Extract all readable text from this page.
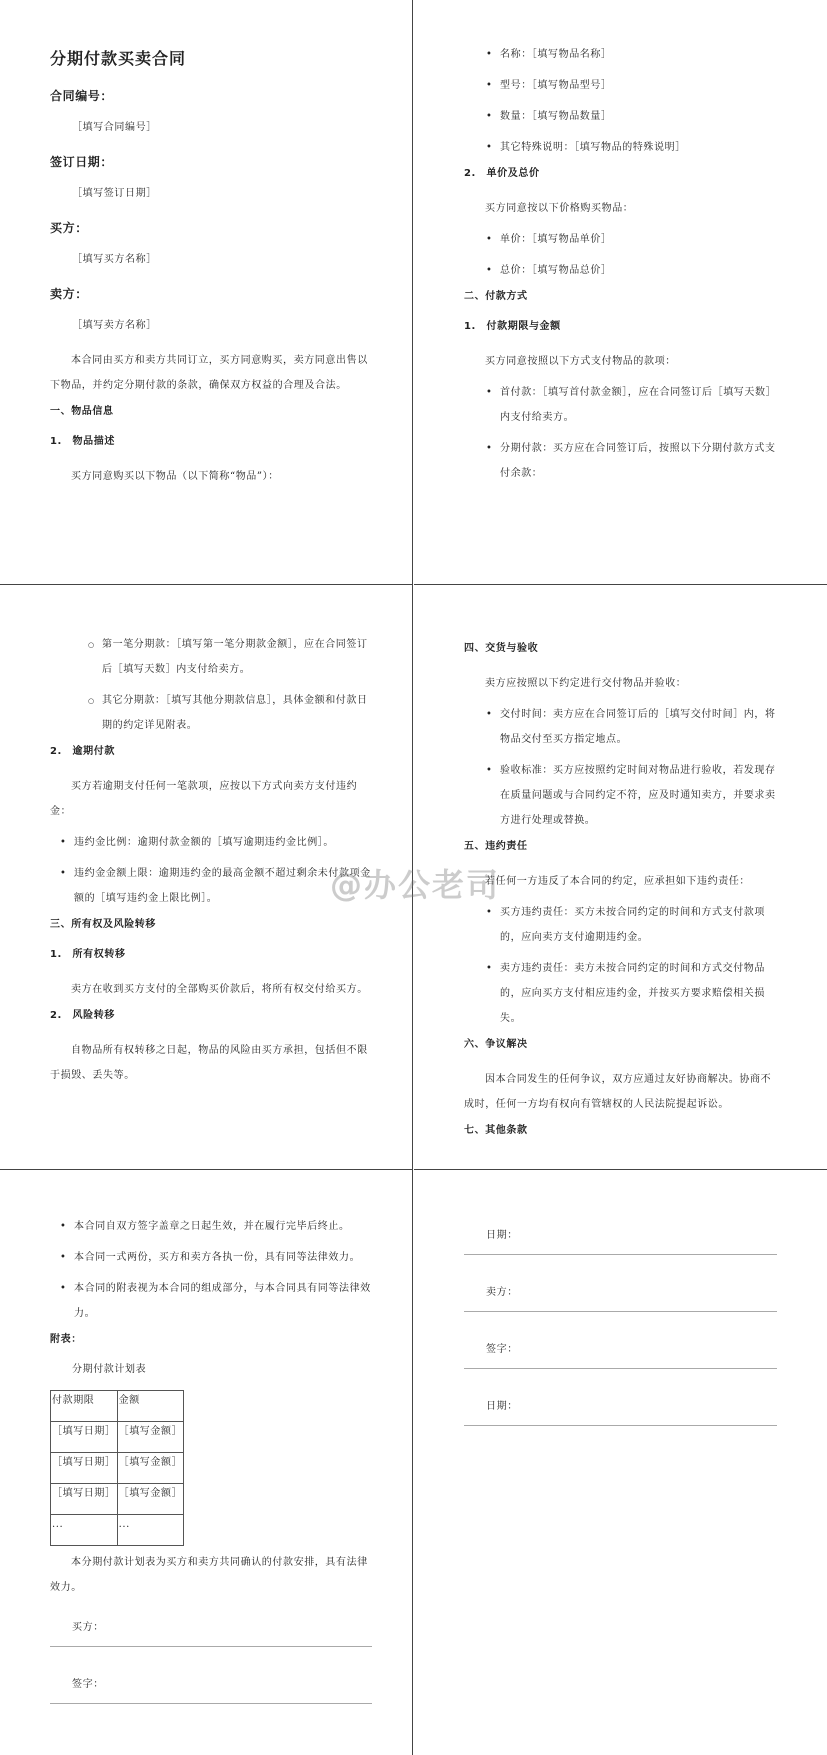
分期付款买卖合同
合同编号：
［填写合同编号］
签订日期：
［填写签订日期］
买方：
［填写买方名称］
卖方：
［填写卖方名称］
本合同由买方和卖方共同订立，买方同意购买，卖方同意出售以下物品，并约定分期付款的条款，确保双方权益的合理及合法。
一、物品信息
1.　物品描述
买方同意购买以下物品（以下简称“物品”）：
• 名称：［填写物品名称］
• 型号：［填写物品型号］
• 数量：［填写物品数量］
• 其它特殊说明：［填写物品的特殊说明］
2.　单价及总价
买方同意按以下价格购买物品：
• 单价：［填写物品单价］
• 总价：［填写物品总价］
二、付款方式
1.　付款期限与金额
买方同意按照以下方式支付物品的款项：
• 首付款：［填写首付款金额］，应在合同签订后［填写天数］内支付给卖方。
• 分期付款：买方应在合同签订后，按照以下分期付款方式支付余款：
○ 第一笔分期款：［填写第一笔分期款金额］，应在合同签订后［填写天数］内支付给卖方。
○ 其它分期款：［填写其他分期款信息］，具体金额和付款日期的约定详见附表。
2.　逾期付款
买方若逾期支付任何一笔款项，应按以下方式向卖方支付违约金：
• 违约金比例：逾期付款金额的［填写逾期违约金比例］。
• 违约金金额上限：逾期违约金的最高金额不超过剩余未付款项金额的［填写违约金上限比例］。
三、所有权及风险转移
1.　所有权转移
卖方在收到买方支付的全部购买价款后，将所有权交付给买方。
2.　风险转移
自物品所有权转移之日起，物品的风险由买方承担，包括但不限于损毁、丢失等。
四、交货与验收
卖方应按照以下约定进行交付物品并验收：
• 交付时间：卖方应在合同签订后的［填写交付时间］内，将物品交付至买方指定地点。
• 验收标准：买方应按照约定时间对物品进行验收，若发现存在质量问题或与合同约定不符，应及时通知卖方，并要求卖方进行处理或替换。
五、违约责任
若任何一方违反了本合同的约定，应承担如下违约责任：
• 买方违约责任：买方未按合同约定的时间和方式支付款项的，应向卖方支付逾期违约金。
• 卖方违约责任：卖方未按合同约定的时间和方式交付物品的，应向买方支付相应违约金，并按买方要求赔偿相关损失。
六、争议解决
因本合同发生的任何争议，双方应通过友好协商解决。协商不成时，任何一方均有权向有管辖权的人民法院提起诉讼。
七、其他条款
• 本合同自双方签字盖章之日起生效，并在履行完毕后终止。
• 本合同一式两份，买方和卖方各执一份，具有同等法律效力。
• 本合同的附表视为本合同的组成部分，与本合同具有同等法律效力。
附表：
分期付款计划表
付款期限	金额
［填写日期］	［填写金额］
［填写日期］	［填写金额］
［填写日期］	［填写金额］
...	...
本分期付款计划表为买方和卖方共同确认的付款安排，具有法律效力。
买方：
签字：
日期：
卖方：
签字：
日期：
@办公老司
